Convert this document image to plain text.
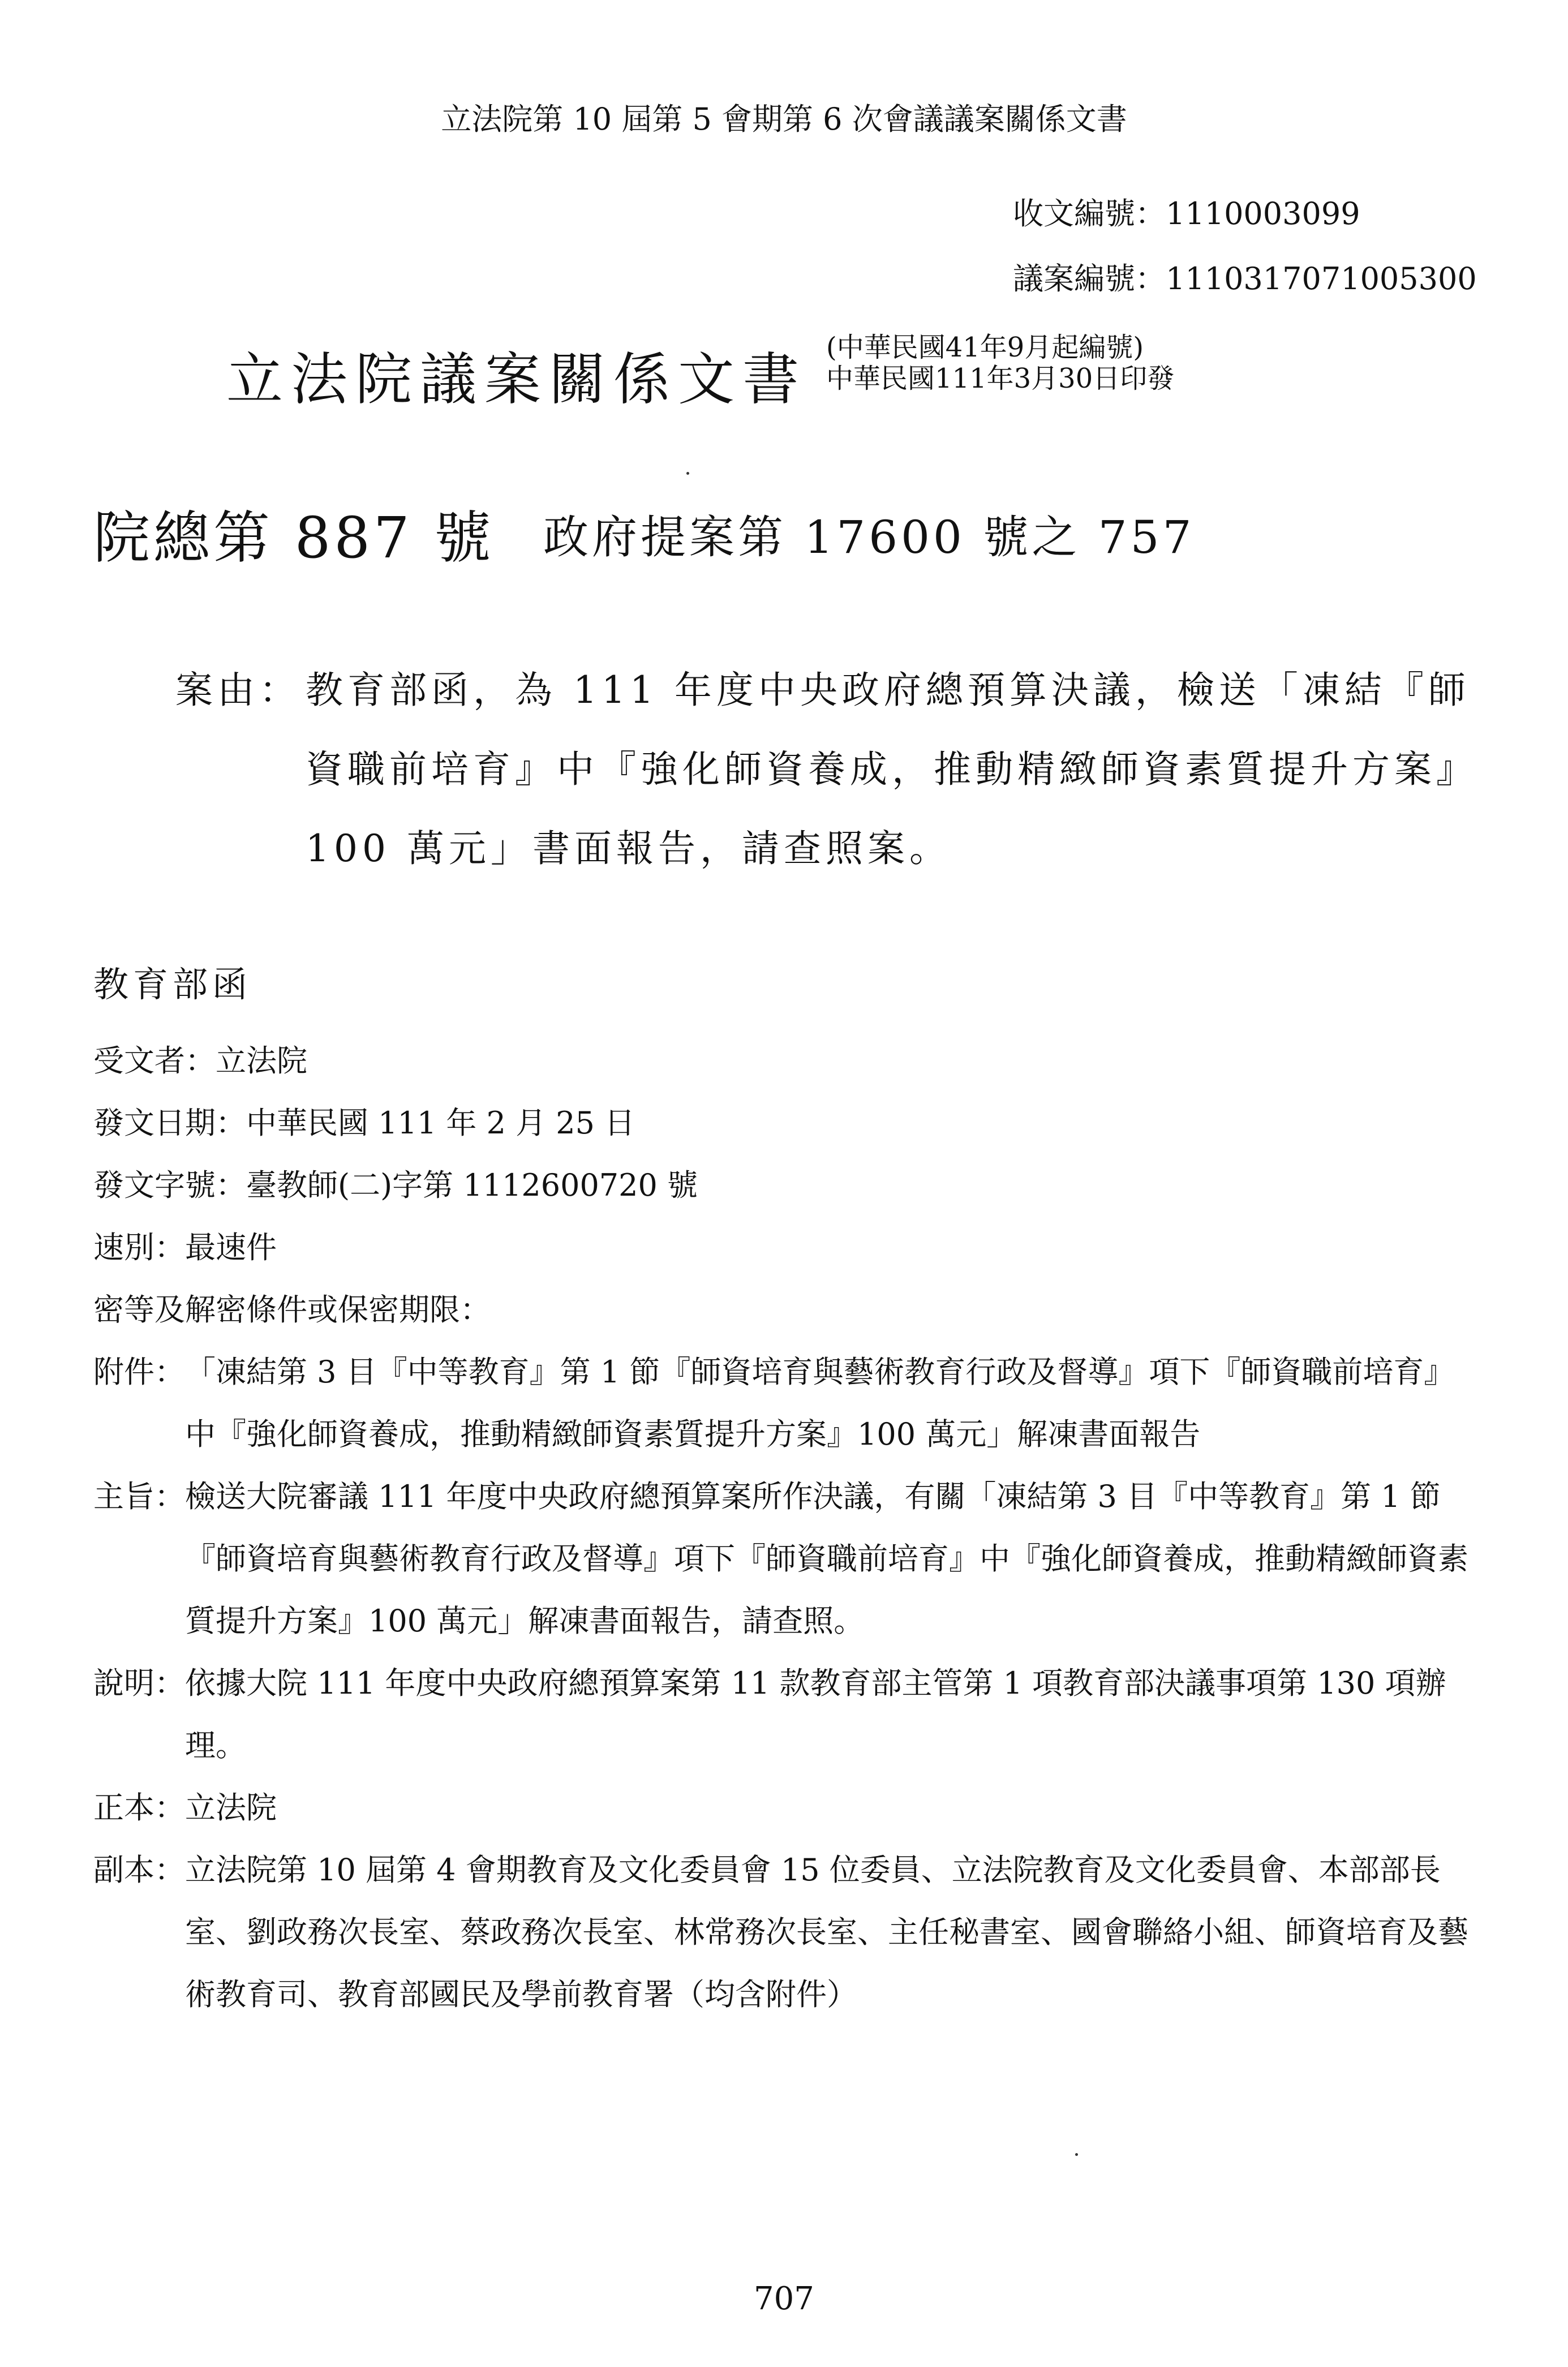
立法院第 10 屆第 5 會期第 6 次會議議案關係文書
收文編號：1110003099
議案編號：1110317071005300
立法院議案關係文書 (中華民國41年9月起編號)
中華民國111年3月30日印發
院總第 887 號 政府提案第 17600 號之 757
案由： 教育部函，為 111 年度中央政府總預算決議，檢送「凍結『師資職前培育』中『強化師資養成，推動精緻師資素質提升方案』100 萬元」書面報告，請查照案。
教育部函
受文者： 立法院
發文日期： 中華民國 111 年 2 月 25 日
發文字號： 臺教師(二)字第 1112600720 號
速別： 最速件
密等及解密條件或保密期限：
附件： 「凍結第 3 目『中等教育』第 1 節『師資培育與藝術教育行政及督導』項下『師資職前培育』中『強化師資養成，推動精緻師資素質提升方案』100 萬元」解凍書面報告
主旨： 檢送大院審議 111 年度中央政府總預算案所作決議，有關「凍結第 3 目『中等教育』第 1 節『師資培育與藝術教育行政及督導』項下『師資職前培育』中『強化師資養成，推動精緻師資素質提升方案』100 萬元」解凍書面報告，請查照。
說明： 依據大院 111 年度中央政府總預算案第 11 款教育部主管第 1 項教育部決議事項第 130 項辦理。
正本： 立法院
副本： 立法院第 10 屆第 4 會期教育及文化委員會 15 位委員、立法院教育及文化委員會、本部部長室、劉政務次長室、蔡政務次長室、林常務次長室、主任秘書室、國會聯絡小組、師資培育及藝術教育司、教育部國民及學前教育署（均含附件）
707
